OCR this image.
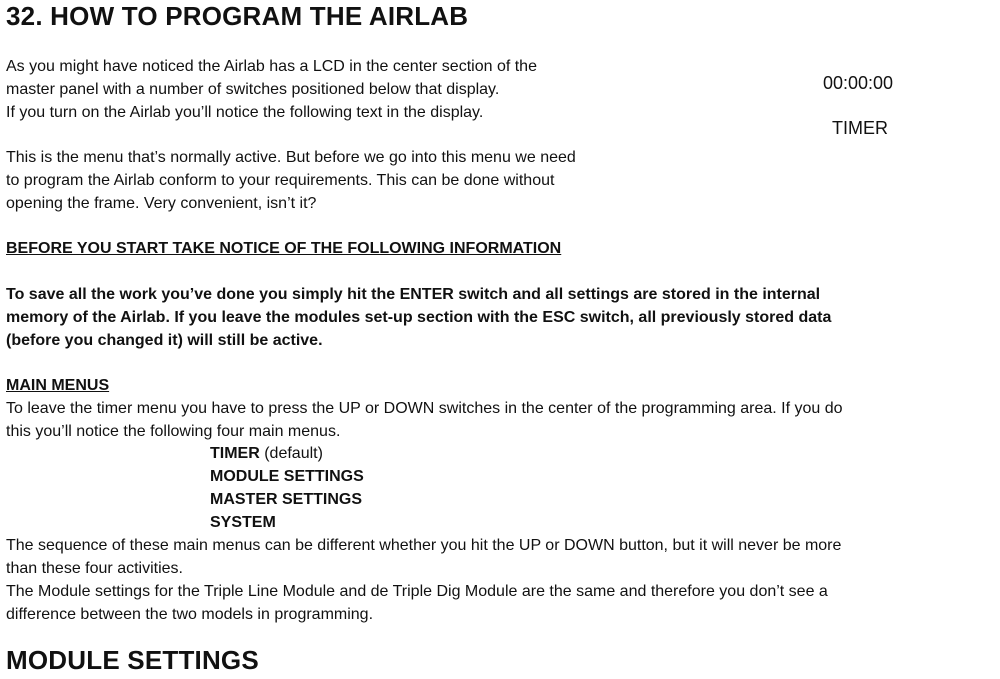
32. HOW TO PROGRAM THE AIRLAB
As you might have noticed the Airlab has a LCD in the center section of the
master panel with a number of switches positioned below that display.
If you turn on the Airlab you’ll notice the following text in the display.
00:00:00
TIMER
This is the menu that’s normally active. But before we go into this menu we need
to program the Airlab conform to your requirements. This can be done without
opening the frame. Very convenient, isn’t it?
BEFORE YOU START TAKE NOTICE OF THE FOLLOWING INFORMATION
To save all the work you’ve done you simply hit the ENTER switch and all settings are stored in the internal
memory of the Airlab. If you leave the modules set-up section with the ESC switch, all previously stored data
(before you changed it) will still be active.
MAIN MENUS
To leave the timer menu you have to press the UP or DOWN switches in the center of the programming area. If you do
this you’ll notice the following four main menus.
TIMER (default)
MODULE SETTINGS
MASTER SETTINGS
SYSTEM
The sequence of these main menus can be different whether you hit the UP or DOWN button, but it will never be more
than these four activities.
The Module settings for the Triple Line Module and de Triple Dig Module are the same and therefore you don’t see a
difference between the two models in programming.
MODULE SETTINGS
